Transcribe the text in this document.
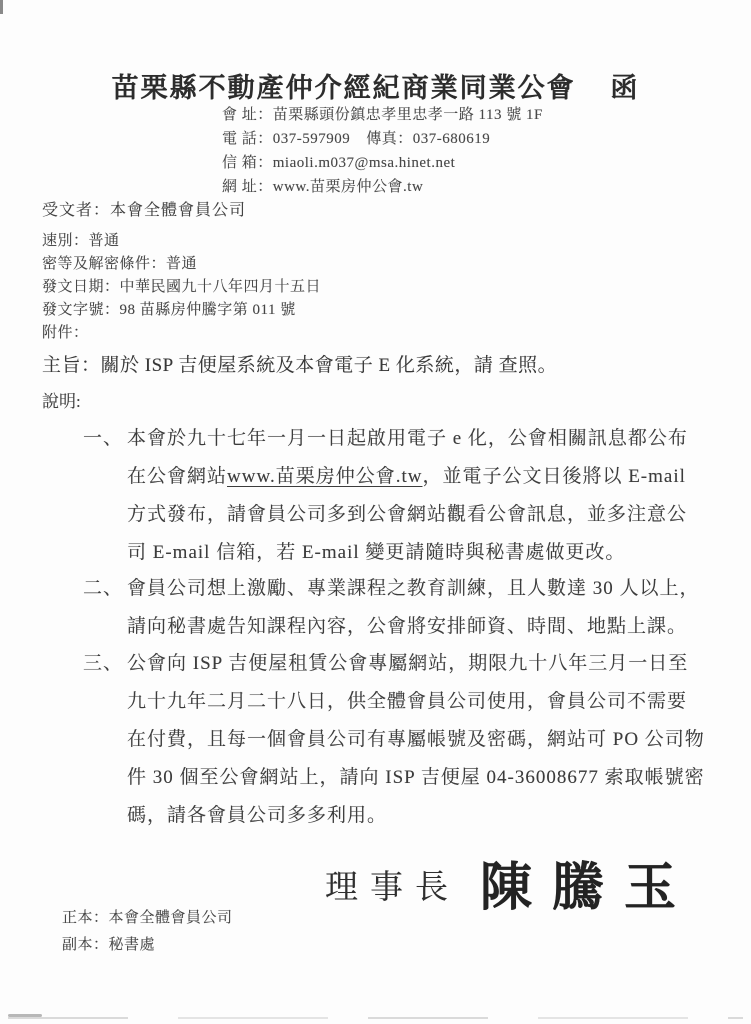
苗栗縣不動產仲介經紀商業同業公會 函
會 址：苗栗縣頭份鎮忠孝里忠孝一路 113 號 1F
電 話：037-597909 傳真：037-680619
信 箱：miaoli.m037@msa.hinet.net
網 址：www.苗栗房仲公會.tw
受文者：本會全體會員公司
速別：普通
密等及解密條件：普通
發文日期：中華民國九十八年四月十五日
發文字號：98 苗縣房仲騰字第 011 號
附件：
主旨：關於 ISP 吉便屋系統及本會電子 E 化系統，請 查照。
說明:
一、 本會於九十七年一月一日起啟用電子 e 化，公會相關訊息都公布
在公會網站www.苗栗房仲公會.tw，並電子公文日後將以 E-mail
方式發布，請會員公司多到公會網站觀看公會訊息，並多注意公
司 E-mail 信箱，若 E-mail 變更請隨時與秘書處做更改。
二、 會員公司想上激勵、專業課程之教育訓練，且人數達 30 人以上，
請向秘書處告知課程內容，公會將安排師資、時間、地點上課。
三、 公會向 ISP 吉便屋租賃公會專屬網站，期限九十八年三月一日至
九十九年二月二十八日，供全體會員公司使用，會員公司不需要
在付費，且每一個會員公司有專屬帳號及密碼，網站可 PO 公司物
件 30 個至公會網站上，請向 ISP 吉便屋 04-36008677 索取帳號密
碼，請各會員公司多多利用。
理事長 陳騰玉
正本：本會全體會員公司
副本：秘書處
